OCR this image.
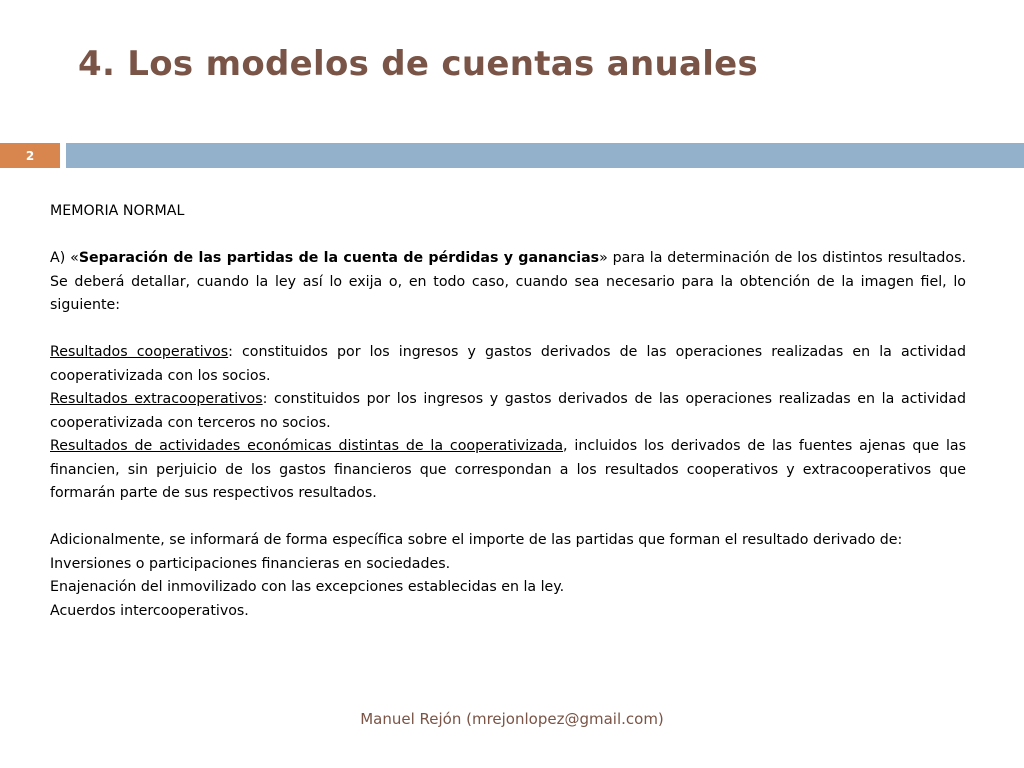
4. Los modelos de cuentas anuales
2

MEMORIA NORMAL

A) «Separación de las partidas de la cuenta de pérdidas y ganancias» para la determinación de los distintos resultados. Se deberá detallar, cuando la ley así lo exija o, en todo caso, cuando sea necesario para la obtención de la imagen fiel, lo siguiente:

Resultados cooperativos: constituidos por los ingresos y gastos derivados de las operaciones realizadas en la actividad cooperativizada con los socios.

Resultados extracooperativos: constituidos por los ingresos y gastos derivados de las operaciones realizadas en la actividad cooperativizada con terceros no socios.

Resultados de actividades económicas distintas de la cooperativizada, incluidos los derivados de las fuentes ajenas que las financien, sin perjuicio de los gastos financieros que correspondan a los resultados cooperativos y extracooperativos que formarán parte de sus respectivos resultados.

Adicionalmente, se informará de forma específica sobre el importe de las partidas que forman el resultado derivado de:

Inversiones o participaciones financieras en sociedades.

Enajenación del inmovilizado con las excepciones establecidas en la ley.

Acuerdos intercooperativos.

Manuel Rejón (mrejonlopez@gmail.com)
